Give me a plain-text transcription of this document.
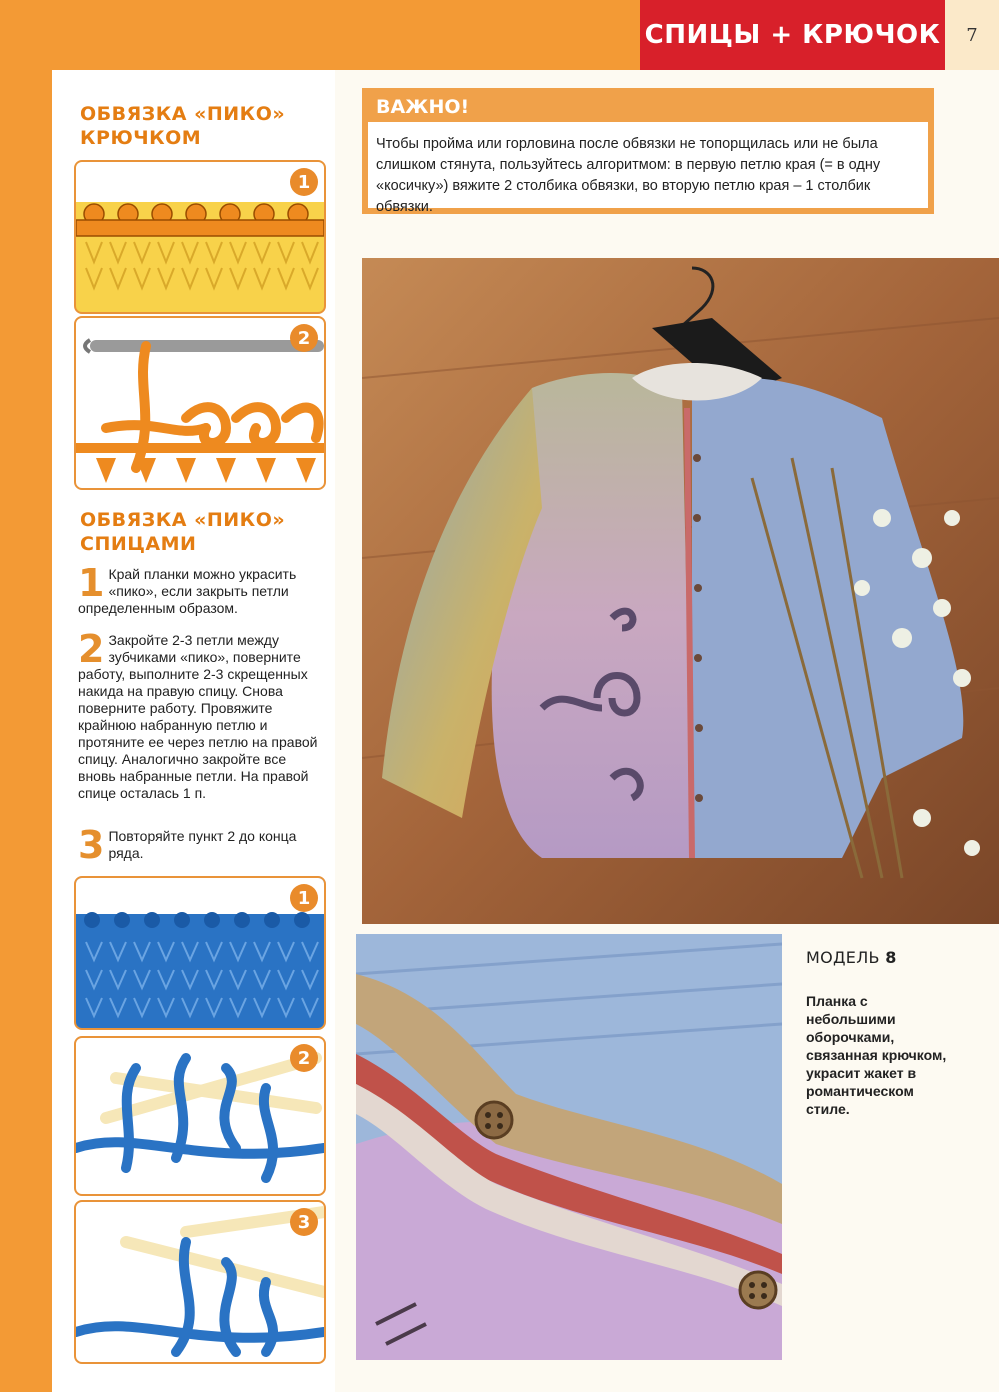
СПИЦЫ + КРЮЧОК	7
ОБВЯЗКА «ПИКО»
КРЮЧКОМ
1
2
ОБВЯЗКА «ПИКО»
СПИЦАМИ
1 Край планки можно украсить «пико», если закрыть петли определенным образом.
2 Закройте 2-3 петли между зубчиками «пико», поверните работу, выполните 2-3 скрещенных накида на правую спицу. Снова поверните работу. Провяжите крайнюю набранную петлю и протяните ее через петлю на правой спицу. Аналогично закройте все вновь набранные петли. На правой спице осталась 1 п.
3 Повторяйте пункт 2 до конца ряда.
1
2
3
ВАЖНО!
Чтобы пройма или горловина после обвязки не топорщилась или не была слишком стянута, пользуйтесь алгоритмом: в первую петлю края (= в одну «косичку») вяжите 2 столбика обвязки, во вторую петлю края – 1 столбик обвязки.
МОДЕЛЬ 8
Планка с небольшими оборочками, связанная крючком, украсит жакет в романтическом стиле.
